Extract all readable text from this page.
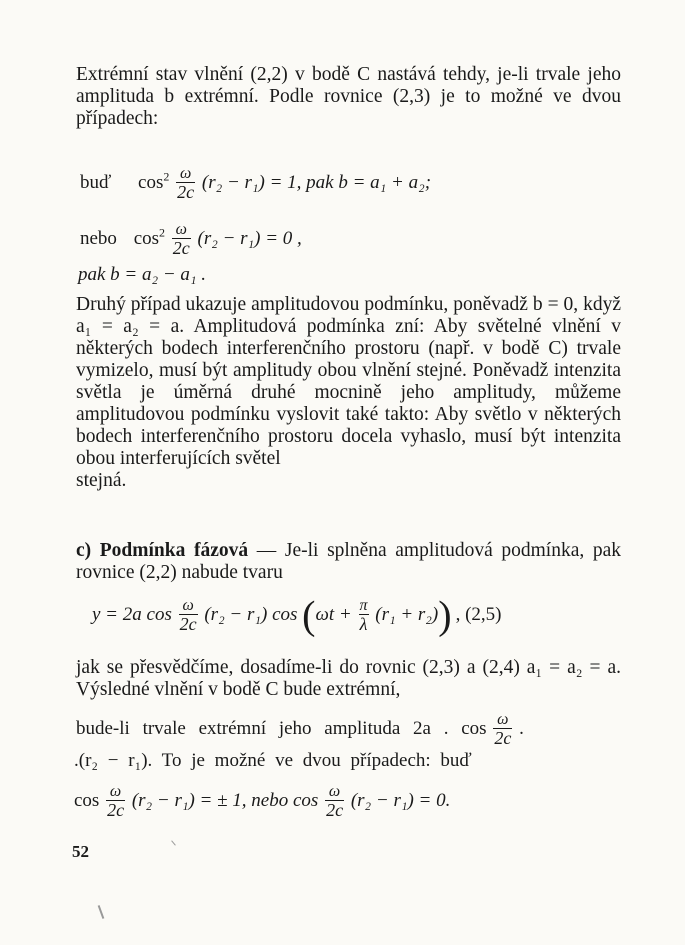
Extrémní stav vlnění (2,2) v bodě C nastává tehdy, je-li trvale jeho amplituda b extrémní. Podle rovnice (2,3) je to možné ve dvou případech:

buď $\cos^2 \frac{\omega}{2c} (r_2 - r_1) = 1$, pak b = a₁ + a₂;
nebo $\cos^2 \frac{\omega}{2c} (r_2 - r_1) = 0$ ,
pak b = a₂ − a₁ .

Druhý případ ukazuje amplitudovou podmínku, poněvadž b = 0, když a₁ = a₂ = a. Amplitudová podmínka zní: Aby světelné vlnění v některých bodech interferenčního prostoru (např. v bodě C) trvale vymizelo, musí být amplitudy obou vlnění stejné. Poněvadž intenzita světla je úměrná druhé mocnině jeho amplitudy, můžeme amplitudovou podmínku vyslovit také takto: Aby světlo v některých bodech interferenčního prostoru docela vyhaslo, musí být intenzita obou interferujících světel

stejná.

c) Podmínka fázová — Je-li splněna amplitudová podmínka, pak rovnice (2,2) nabude tvaru

y = 2a $\cos \frac{\omega}{2c} (r_2 - r_1)$ $\cos (\omega t + \frac{\pi}{\lambda} (r_1 + r_2))$ , (2,5)

jak se přesvědčíme, dosadíme-li do rovnic (2,3) a (2,4) a₁ = a₂ = a. Výsledné vlnění v bodě C bude extrémní,

bude-li trvale extrémní jeho amplituda 2a . $\cos \frac{\omega}{2c}$ .
.(r₂ − r₁). To je možné ve dvou případech: buď
$\cos \frac{\omega}{2c} (r_2 - r_1)$ = ± 1, nebo $\cos \frac{\omega}{2c} (r_2 - r_1) = 0$.
52
